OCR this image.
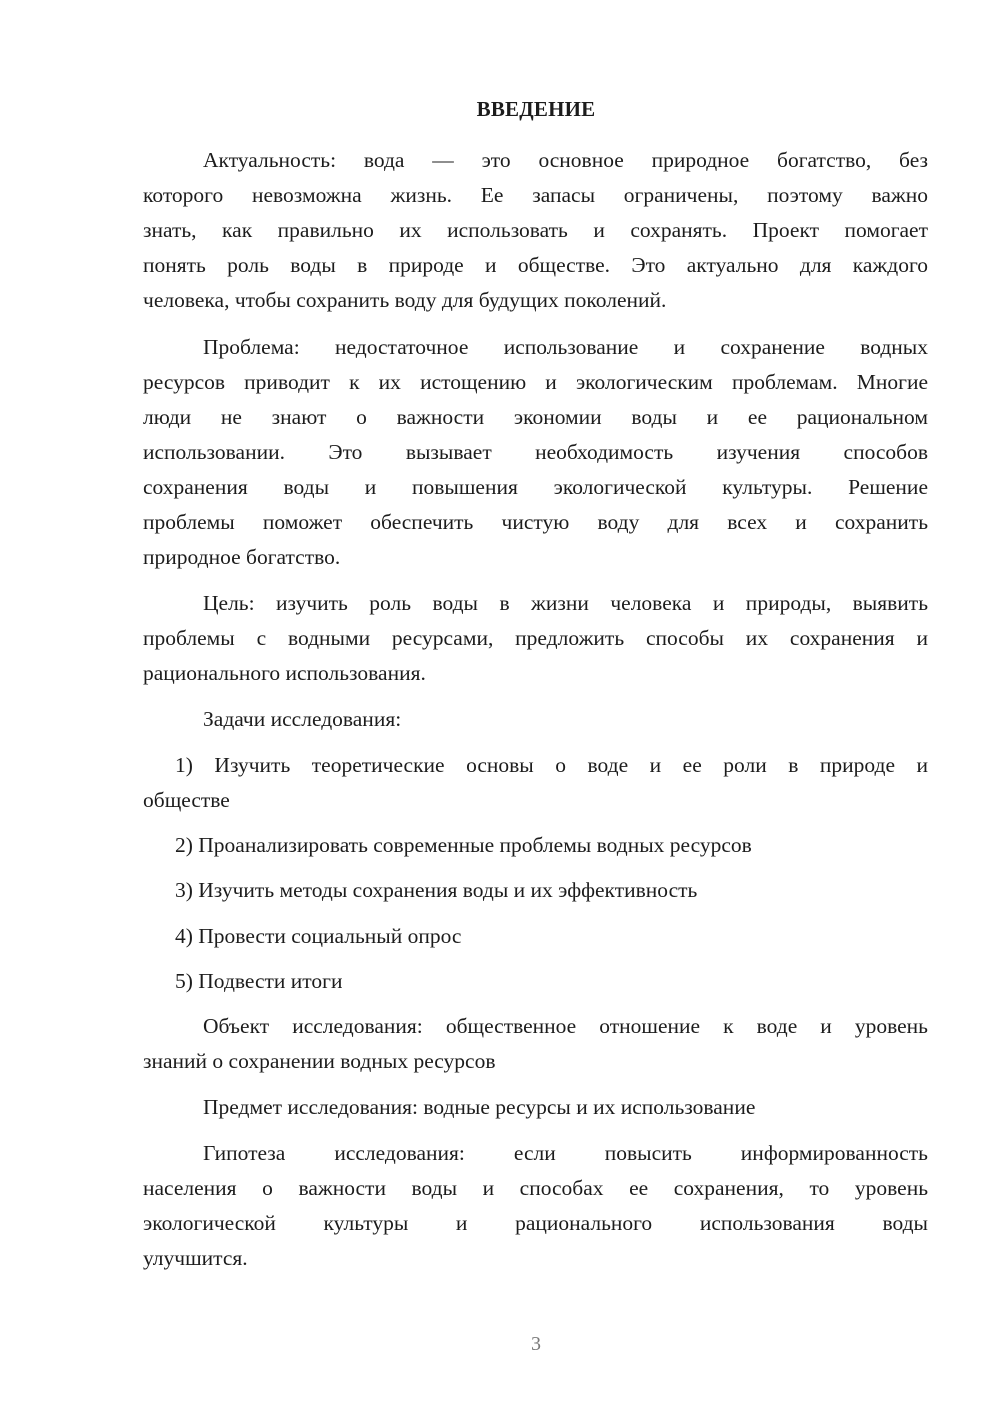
ВВЕДЕНИЕ
Актуальность: вода — это основное природное богатство, без
которого невозможна жизнь. Ее запасы ограничены, поэтому важно
знать, как правильно их использовать и сохранять. Проект помогает
понять роль воды в природе и обществе. Это актуально для каждого
человека, чтобы сохранить воду для будущих поколений.
Проблема: недостаточное использование и сохранение водных
ресурсов приводит к их истощению и экологическим проблемам. Многие
люди не знают о важности экономии воды и ее рациональном
использовании. Это вызывает необходимость изучения способов
сохранения воды и повышения экологической культуры. Решение
проблемы поможет обеспечить чистую воду для всех и сохранить
природное богатство.
Цель: изучить роль воды в жизни человека и природы, выявить
проблемы с водными ресурсами, предложить способы их сохранения и
рационального использования.
Задачи исследования:
1) Изучить теоретические основы о воде и ее роли в природе и
обществе
2) Проанализировать современные проблемы водных ресурсов
3) Изучить методы сохранения воды и их эффективность
4) Провести социальный опрос
5) Подвести итоги
Объект исследования: общественное отношение к воде и уровень
знаний о сохранении водных ресурсов
Предмет исследования: водные ресурсы и их использование
Гипотеза исследования: если повысить информированность
населения о важности воды и способах ее сохранения, то уровень
экологической культуры и рационального использования воды
улучшится.
3
